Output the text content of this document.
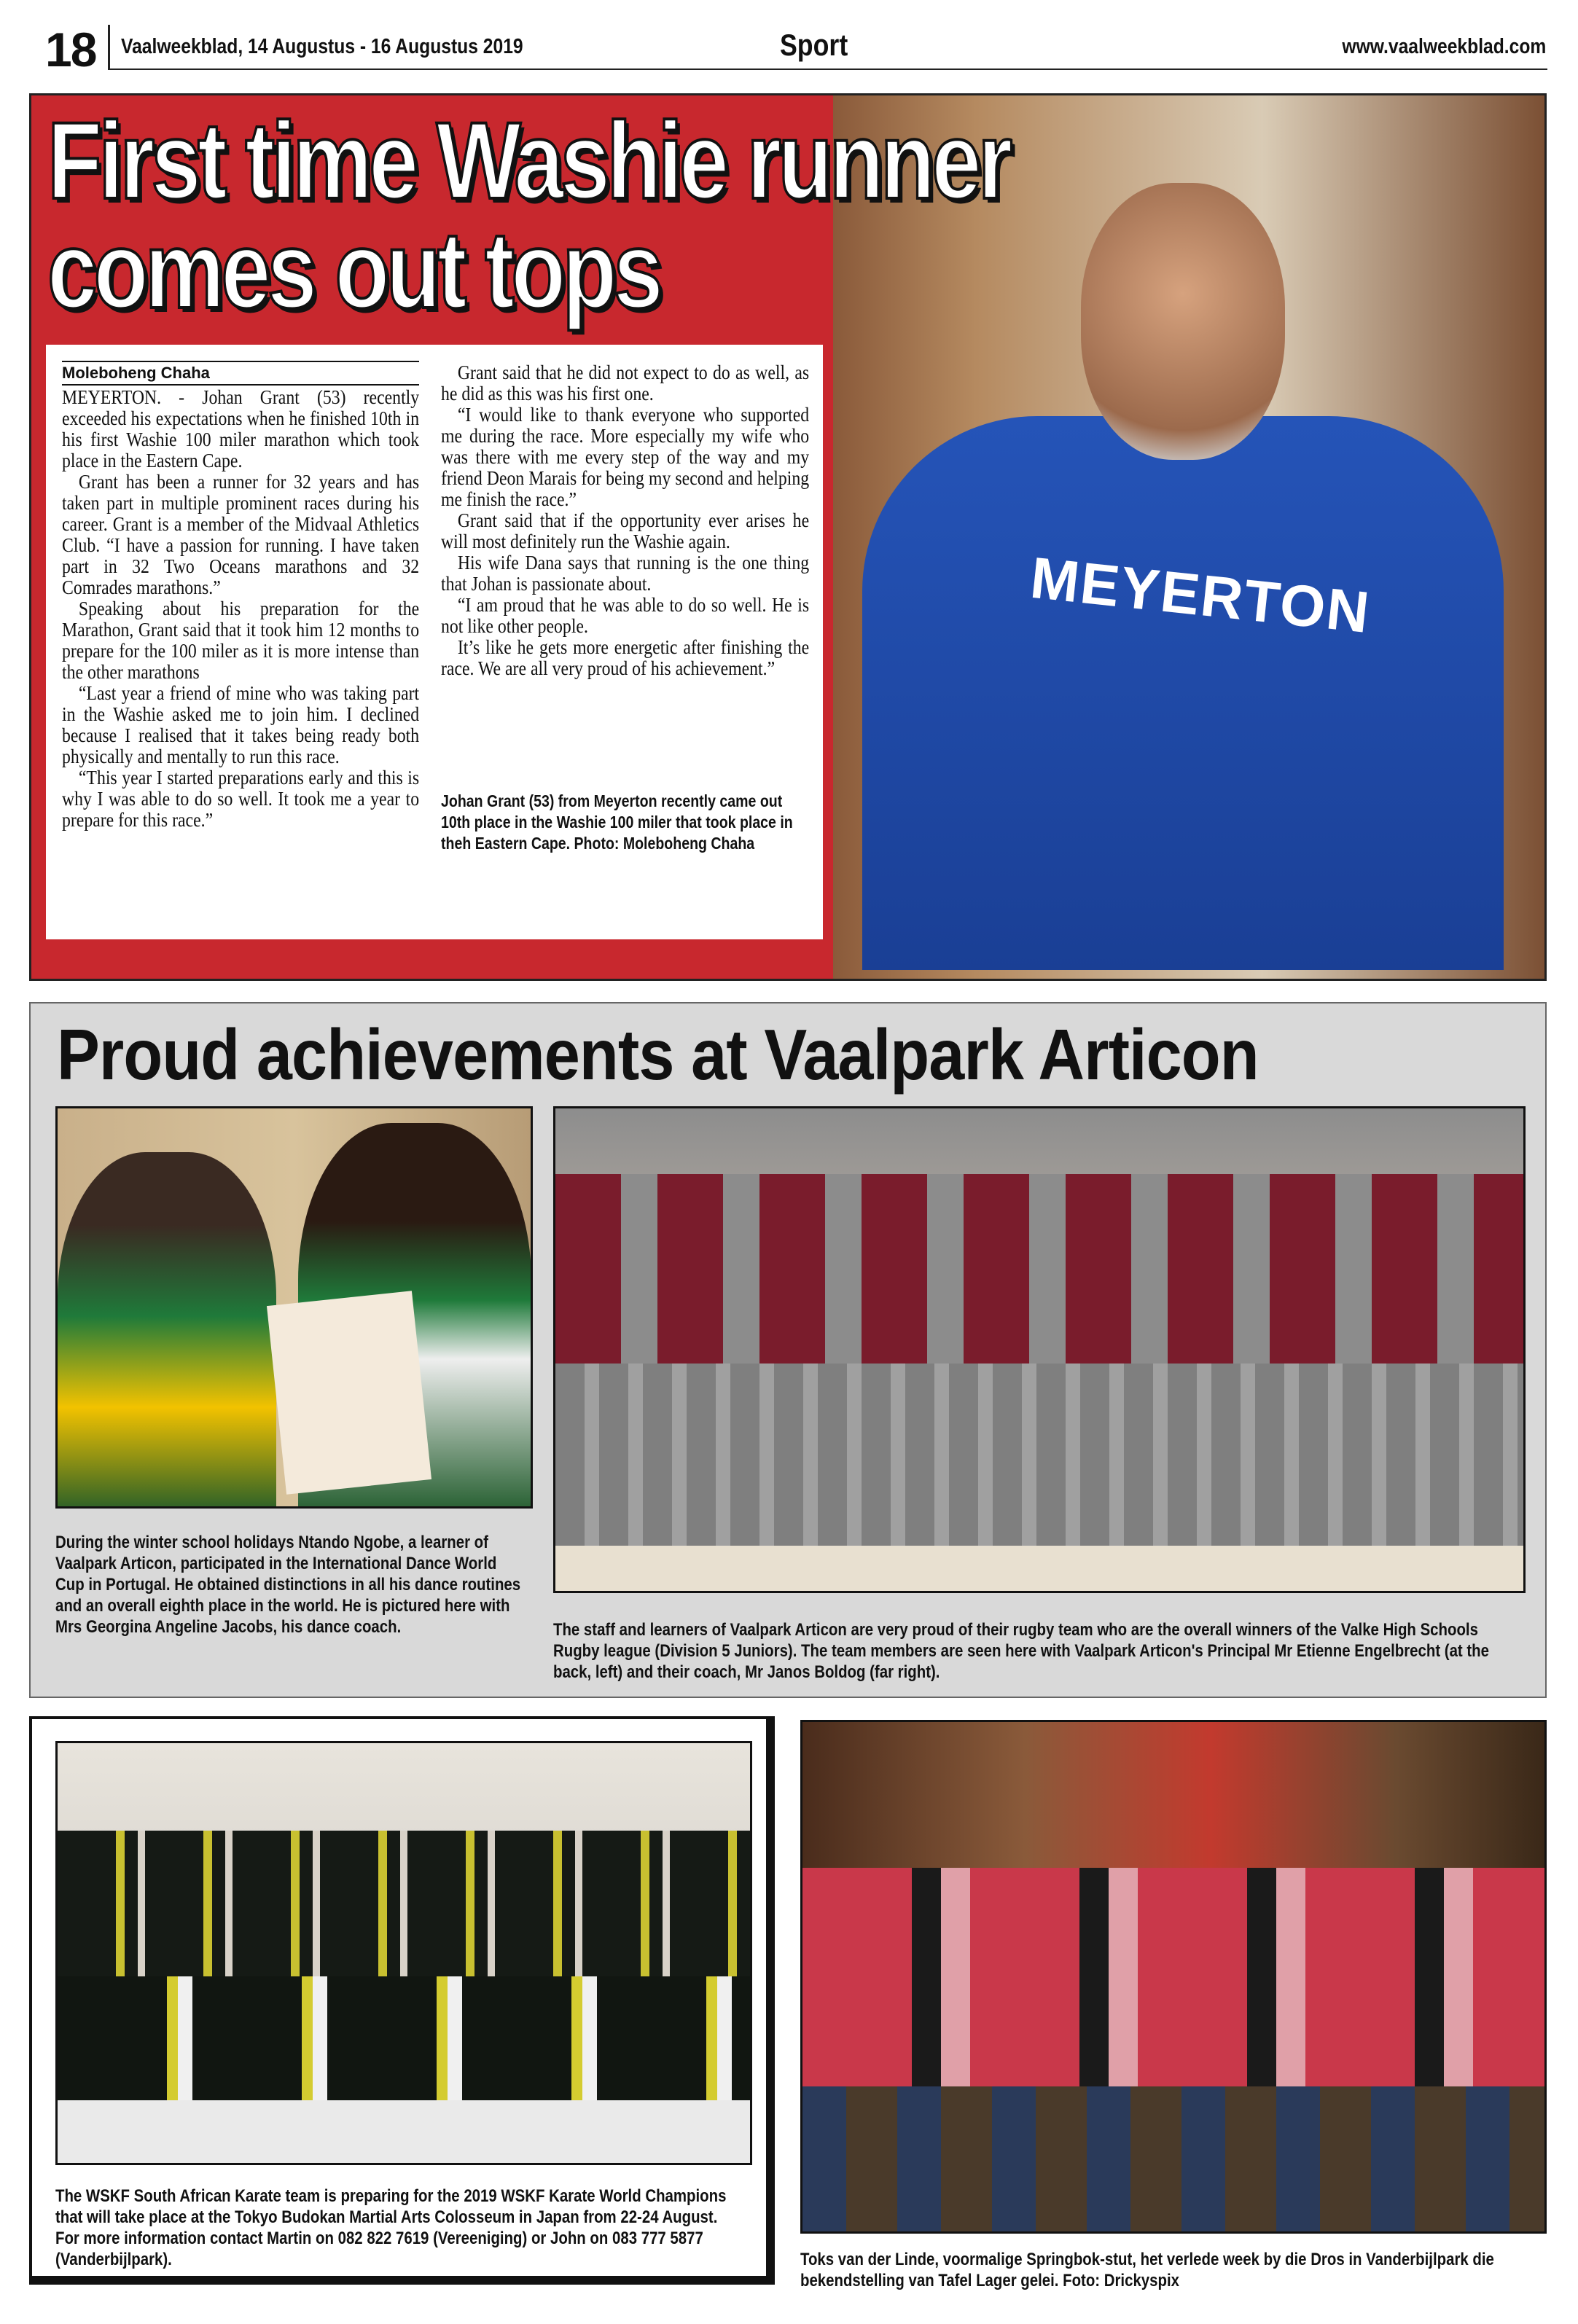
18 Vaalweekblad, 14 Augustus - 16 Augustus 2019	Sport	www.vaalweekblad.com
MEYERTON
First time Washie runner comes out tops
Moleboheng Chaha

MEYERTON. - Johan Grant (53) recently exceeded his expectations when he finished 10th in his first Washie 100 miler marathon which took place in the Eastern Cape.

Grant has been a runner for 32 years and has taken part in multiple prominent races during his career. Grant is a member of the Midvaal Athletics Club. “I have a passion for running. I have taken part in 32 Two Oceans marathons and 32 Comrades marathons.”

Speaking about his preparation for the Marathon, Grant said that it took him 12 months to prepare for the 100 miler as it is more intense than the other marathons

“Last year a friend of mine who was taking part in the Washie asked me to join him. I declined because I realised that it takes being ready both physically and mentally to run this race.

“This year I started preparations early and this is why I was able to do so well. It took me a year to prepare for this race.”

Grant said that he did not expect to do as well, as he did as this was his first one.

“I would like to thank everyone who supported me during the race. More especially my wife who was there with me every step of the way and my friend Deon Marais for being my second and helping me finish the race.”

Grant said that if the opportunity ever arises he will most definitely run the Washie again.

His wife Dana says that running is the one thing that Johan is passionate about.

“I am proud that he was able to do so well. He is not like other people.

It’s like he gets more energetic after finishing the race. We are all very proud of his achievement.”

Johan Grant (53) from Meyerton recently came out 10th place in the Washie 100 miler that took place in theh Eastern Cape. Photo: Moleboheng Chaha
Proud achievements at Vaalpark Articon
During the winter school holidays Ntando Ngobe, a learner of Vaalpark Articon, participated in the International Dance World Cup in Portugal. He obtained distinctions in all his dance routines and an overall eighth place in the world. He is pictured here with Mrs Georgina Angeline Jacobs, his dance coach.	The staff and learners of Vaalpark Articon are very proud of their rugby team who are the overall winners of the Valke High Schools Rugby league (Division 5 Juniors). The team members are seen here with Vaalpark Articon's Principal Mr Etienne Engelbrecht (at the back, left) and their coach, Mr Janos Boldog (far right).
The WSKF South African Karate team is preparing for the 2019 WSKF Karate World Champions that will take place at the Tokyo Budokan Martial Arts Colosseum in Japan from 22-24 August. For more information contact Martin on 082 822 7619 (Vereeniging) or John on 083 777 5877 (Vanderbijlpark).	Toks van der Linde, voormalige Springbok-stut, het verlede week by die Dros in Vanderbijlpark die bekendstelling van Tafel Lager gelei. Foto: Drickyspix
